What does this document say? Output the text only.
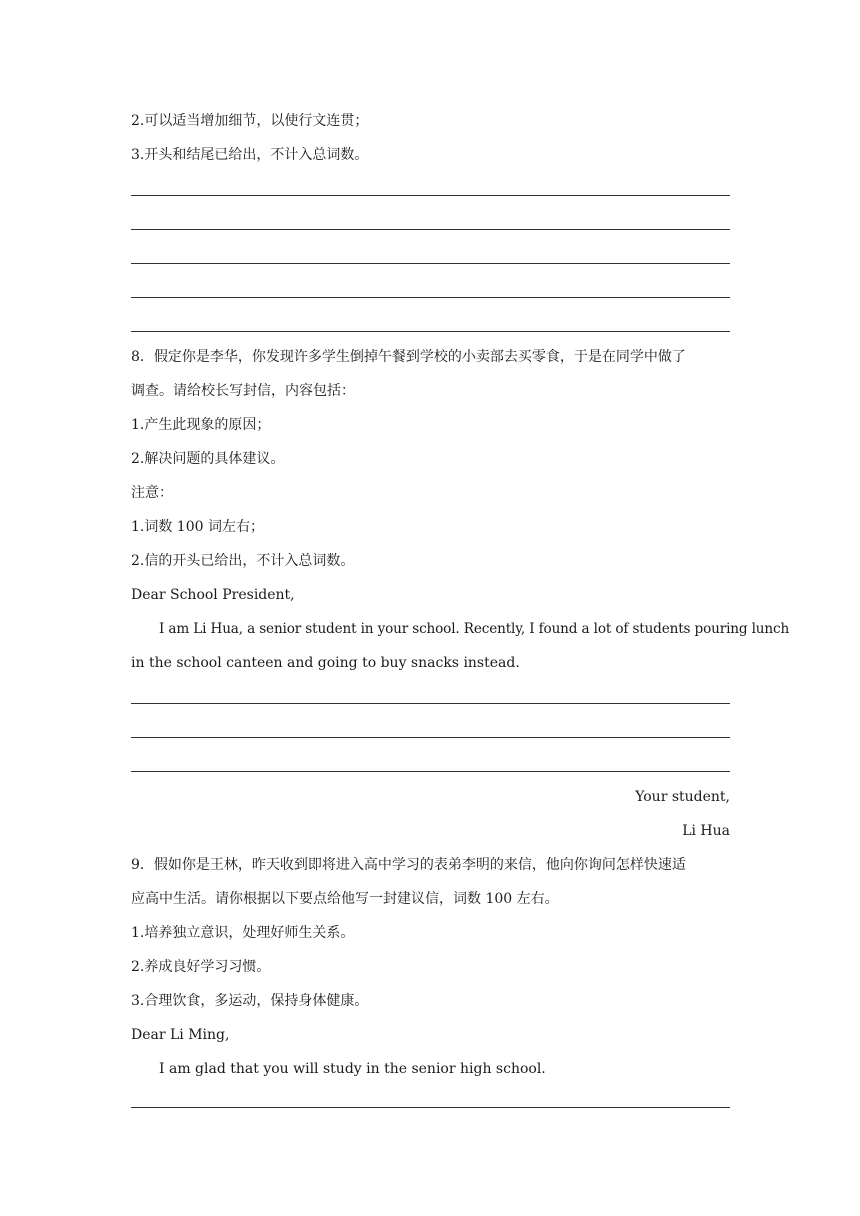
2.可以适当增加细节，以使行文连贯；
3.开头和结尾已给出，不计入总词数。
8．假定你是李华，你发现许多学生倒掉午餐到学校的小卖部去买零食，于是在同学中做了
调查。请给校长写封信，内容包括：
1.产生此现象的原因；
2.解决问题的具体建议。
注意：
1.词数 100 词左右；
2.信的开头已给出，不计入总词数。
Dear School President,
I am Li Hua, a senior student in your school. Recently, I found a lot of students pouring lunch
in the school canteen and going to buy snacks instead.
Your student,
Li Hua
9．假如你是王林，昨天收到即将进入高中学习的表弟李明的来信，他向你询问怎样快速适
应高中生活。请你根据以下要点给他写一封建议信，词数 100 左右。
1.培养独立意识，处理好师生关系。
2.养成良好学习习惯。
3.合理饮食，多运动，保持身体健康。
Dear Li Ming,
I am glad that you will study in the senior high school.
